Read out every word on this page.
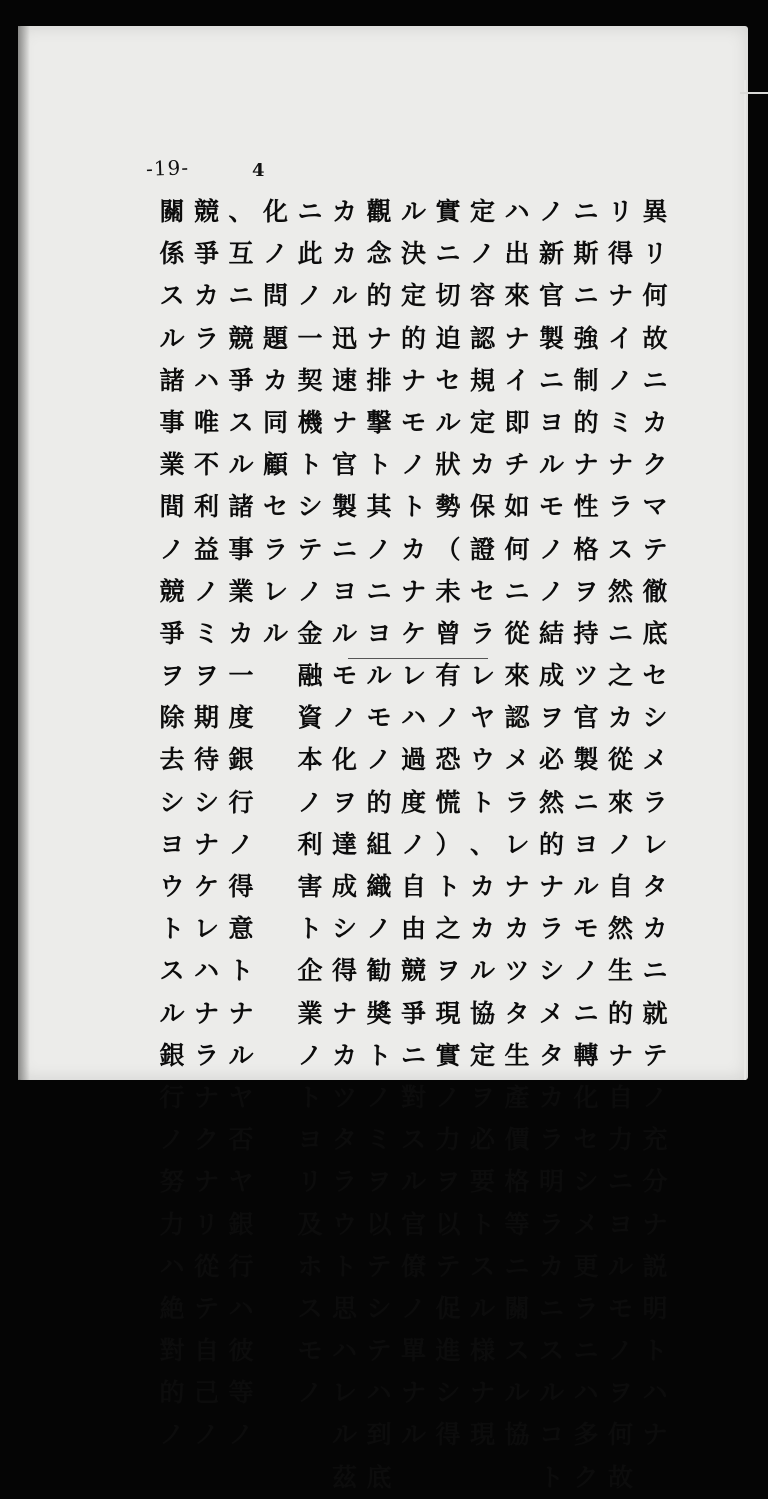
-19-	4
異
リ
何
故
ニ
カ
ク
マ
テ
徹
底
セ
シ
メ
ラ
レ
タ
カ
ニ
就
テ
ノ
充
分
ナ
説
明
ト
ハ
ナ
リ
得
ナ
イ
ノ
ミ
ナ
ラ
ス
然
ニ
之
カ
從
來
ノ
自
然
生
的
ナ
自
力
ニ
ヨ
ル
モ
ノ
ヲ
何
故
ニ
斯
ニ
強
制
的
ナ
性
格
ヲ
持
ツ
官
製
ニ
ヨ
ル
モ
ノ
ニ
轉
化
セ
シ
メ
更
ラ
ニ
ハ
多
ク
ノ
新
官
製
ニ
ヨ
ル
モ
ノ
ノ
結
成
ヲ
必
然
的
ナ
ラ
シ
メ
タ
カ
ラ
明
ラ
カ
ニ
ス
ル
コ
ト
ハ
出
來
ナ
イ
即
チ
如
何
ニ
從
來
認
メ
ラ
レ
ナ
カ
ツ
タ
生
產
價
格
等
ニ
關
ス
ル
協
定
ノ
容
認
規
定
カ
保
證
セ
ラ
レ
ヤ
ウ
ト
、
カ
カ
ル
協
定
ヲ
必
要
ト
ス
ル
様
ナ
現
實
ニ
切
迫
セ
ル
狀
勢
（
未
曾
有
ノ
恐
慌
）
ト
之
ヲ
現
實
ノ
力
ヲ
以
テ
促
進
シ
得
ル
決
定
的
ナ
モ
ノ
ト
カ
ナ
ケ
レ
ハ
過
度
ノ
自
由
競
爭
ニ
對
ス
ル
官
僚
ノ
單
ナ
ル
觀
念
的
ナ
排
撃
ト
其
ノ
ニ
ヨ
ル
モ
ノ
的
組
織
ノ
勧
奬
ト
ノ
ミ
ヲ
以
テ
シ
テ
ハ
到
底
カ
カ
ル
迅
速
ナ
官
製
ニ
ヨ
ル
モ
ノ
化
ヲ
達
成
シ
得
ナ
カ
ツ
タ
ラ
ウ
ト
思
ハ
レ
ル
茲
ニ
此
ノ
一
契
機
ト
シ
テ
ノ
金
融
資
本
ノ
利
害
ト
企
業
ノ
ト
ヨ
リ
及
ホ
ス
モ
ノ
化
ノ
問
題
カ
同
顧
セ
ラ
レ
ル
、
互
ニ
競
爭
ス
ル
諸
事
業
カ
一
度
銀
行
ノ
得
意
ト
ナ
ル
ヤ
否
ヤ
銀
行
ハ
彼
等
ノ
競
爭
カ
ラ
ハ
唯
不
利
益
ノ
ミ
ヲ
期
待
シ
ナ
ケ
レ
ハ
ナ
ラ
ナ
ク
ナ
リ
從
テ
自
己
ノ
關
係
ス
ル
諸
事
業
間
ノ
競
爭
ヲ
除
去
シ
ヨ
ウ
ト
ス
ル
銀
行
ノ
努
力
ハ
絶
對
的
ノ
